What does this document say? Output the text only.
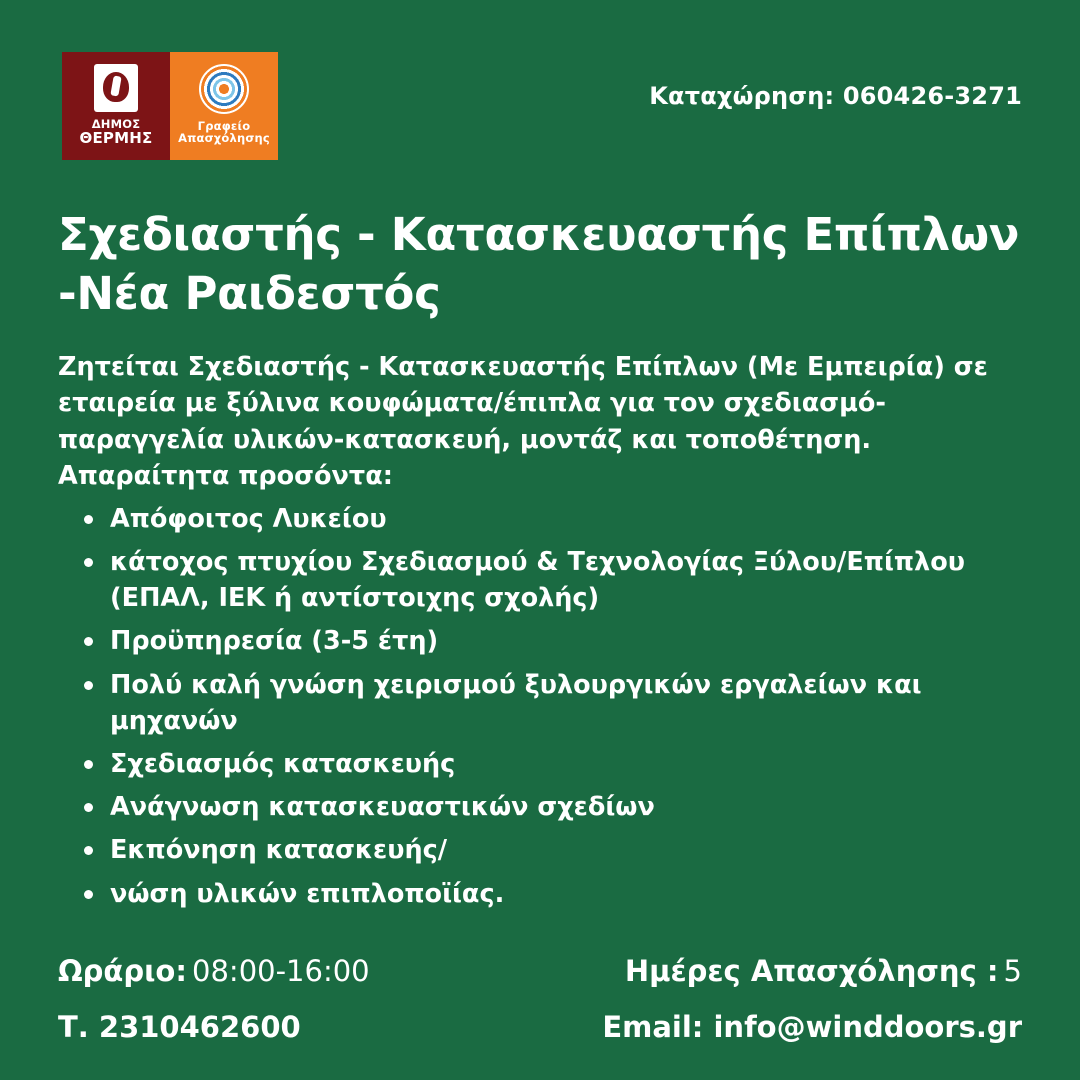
ΔΗΜΟΣ
ΘΕΡΜΗΣ
Γραφείο
Απασχόλησης
Καταχώρηση: 060426-3271
Σχεδιαστής - Κατασκευαστής Επίπλων -Νέα Ραιδεστός

Ζητείται Σχεδιαστής - Κατασκευαστής Επίπλων (Με Εμπειρία) σε εταιρεία με ξύλινα κουφώματα/έπιπλα για τον σχεδιασμό-παραγγελία υλικών-κατασκευή, μοντάζ και τοποθέτηση.

Απαραίτητα προσόντα:

Απόφοιτος Λυκείου
κάτοχος πτυχίου Σχεδιασμού & Τεχνολογίας Ξύλου/Επίπλου (ΕΠΑΛ, ΙΕΚ ή αντίστοιχης σχολής)
Προϋπηρεσία (3-5 έτη)
Πολύ καλή γνώση χειρισμού ξυλουργικών εργαλείων και μηχανών
Σχεδιασμός κατασκευής
Ανάγνωση κατασκευαστικών σχεδίων
Εκπόνηση κατασκευής/
νώση υλικών επιπλοποϊίας.
Ωράριο: 08:00-16:00	Ημέρες Απασχόλησης : 5
Τ. 2310462600	Email: info@winddoors.gr
